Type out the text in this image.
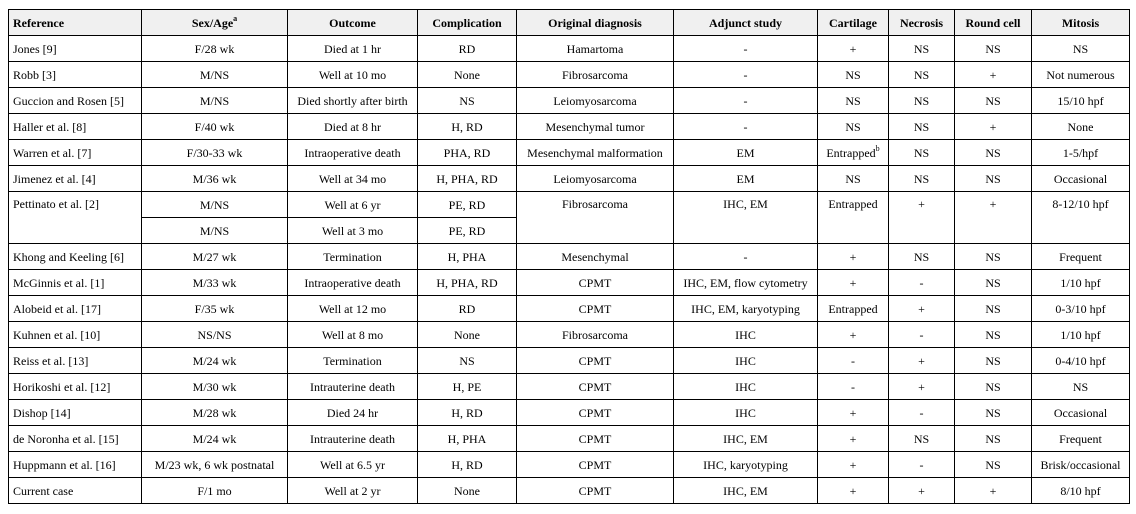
Reference	Sex/Age$^a$	Outcome	Complication	Original diagnosis	Adjunct study	Cartilage	Necrosis	Round cell	Mitosis
Jones [9]	F/28 wk	Died at 1 hr	RD	Hamartoma	-	+	NS	NS	NS
Robb [3]	M/NS	Well at 10 mo	None	Fibrosarcoma	-	NS	NS	+	Not numerous
Guccion and Rosen [5]	M/NS	Died shortly after birth	NS	Leiomyosarcoma	-	NS	NS	NS	15/10 hpf
Haller et al. [8]	F/40 wk	Died at 8 hr	H, RD	Mesenchymal tumor	-	NS	NS	+	None
Warren et al. [7]	F/30-33 wk	Intraoperative death	PHA, RD	Mesenchymal malformation	EM	Entrapped$^b$	NS	NS	1-5/hpf
Jimenez et al. [4]	M/36 wk	Well at 34 mo	H, PHA, RD	Leiomyosarcoma	EM	NS	NS	NS	Occasional
Pettinato et al. [2]	M/NS	Well at 6 yr	PE, RD	Fibrosarcoma	IHC, EM	Entrapped	+	+	8-12/10 hpf
	M/NS	Well at 3 mo	PE, RD						
Khong and Keeling [6]	M/27 wk	Termination	H, PHA	Mesenchymal	-	+	NS	NS	Frequent
McGinnis et al. [1]	M/33 wk	Intraoperative death	H, PHA, RD	CPMT	IHC, EM, flow cytometry	+	-	NS	1/10 hpf
Alobeid et al. [17]	F/35 wk	Well at 12 mo	RD	CPMT	IHC, EM, karyotyping	Entrapped	+	NS	0-3/10 hpf
Kuhnen et al. [10]	NS/NS	Well at 8 mo	None	Fibrosarcoma	IHC	+	-	NS	1/10 hpf
Reiss et al. [13]	M/24 wk	Termination	NS	CPMT	IHC	-	+	NS	0-4/10 hpf
Horikoshi et al. [12]	M/30 wk	Intrauterine death	H, PE	CPMT	IHC	-	+	NS	NS
Dishop [14]	M/28 wk	Died 24 hr	H, RD	CPMT	IHC	+	-	NS	Occasional
de Noronha et al. [15]	M/24 wk	Intrauterine death	H, PHA	CPMT	IHC, EM	+	NS	NS	Frequent
Huppmann et al. [16]	M/23 wk, 6 wk postnatal	Well at 6.5 yr	H, RD	CPMT	IHC, karyotyping	+	-	NS	Brisk/occasional
Current case	F/1 mo	Well at 2 yr	None	CPMT	IHC, EM	+	+	+	8/10 hpf
